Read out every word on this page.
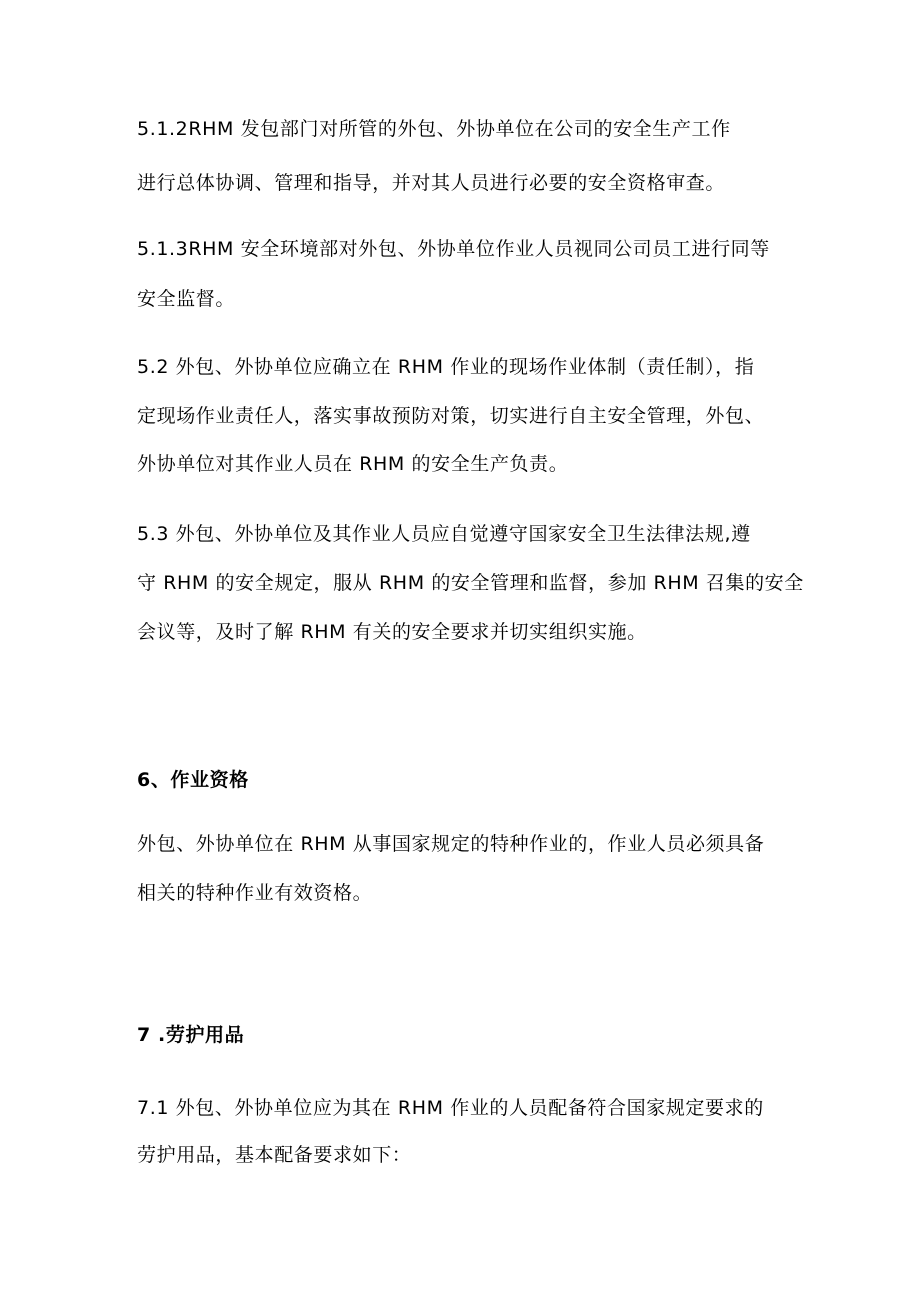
5.1.2RHM 发包部门对所管的外包、外协单位在公司的安全生产工作
进行总体协调、管理和指导，并对其人员进行必要的安全资格审查。
5.1.3RHM 安全环境部对外包、外协单位作业人员视同公司员工进行同等
安全监督。
5.2 外包、外协单位应确立在 RHM 作业的现场作业体制（责任制），指
定现场作业责任人，落实事故预防对策，切实进行自主安全管理，外包、
外协单位对其作业人员在 RHM 的安全生产负责。
5.3 外包、外协单位及其作业人员应自觉遵守国家安全卫生法律法规,遵
守 RHM 的安全规定，服从 RHM 的安全管理和监督，参加 RHM 召集的安全
会议等，及时了解 RHM 有关的安全要求并切实组织实施。
6、作业资格
外包、外协单位在 RHM 从事国家规定的特种作业的，作业人员必须具备
相关的特种作业有效资格。
7 .劳护用品
7.1 外包、外协单位应为其在 RHM 作业的人员配备符合国家规定要求的
劳护用品，基本配备要求如下：
